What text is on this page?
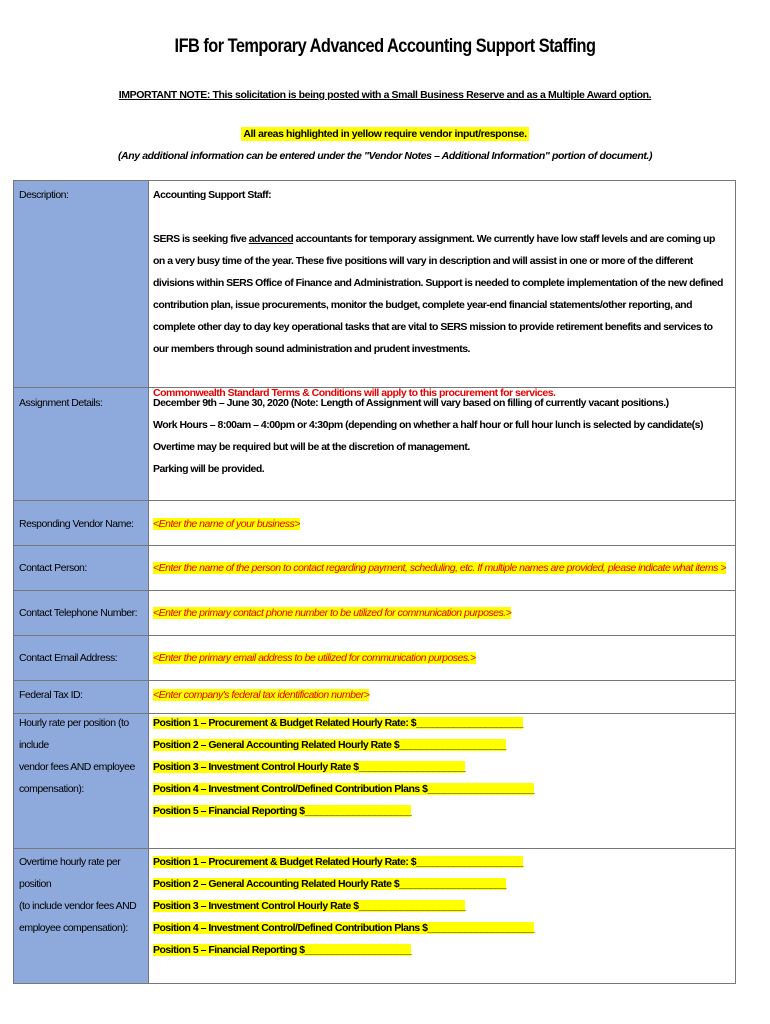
IFB for Temporary Advanced Accounting Support Staffing
IMPORTANT NOTE: This solicitation is being posted with a Small Business Reserve and as a Multiple Award option.
All areas highlighted in yellow require vendor input/response.
(Any additional information can be entered under the "Vendor Notes – Additional Information" portion of document.)
Description:	Accounting Support Staff:

SERS is seeking five advanced accountants for temporary assignment. We currently have low staff levels and are coming up on a very busy time of the year. These five positions will vary in description and will assist in one or more of the different divisions within SERS Office of Finance and Administration. Support is needed to complete implementation of the new defined contribution plan, issue procurements, monitor the budget, complete year-end financial statements/other reporting, and complete other day to day key operational tasks that are vital to SERS mission to provide retirement benefits and services to our members through sound administration and prudent investments.

Commonwealth Standard Terms & Conditions will apply to this procurement for services.

Assignment Details:	December 9th – June 30, 2020 (Note: Length of Assignment will vary based on filling of currently vacant positions.)

Work Hours – 8:00am – 4:00pm or 4:30pm (depending on whether a half hour or full hour lunch is selected by candidate(s)

Overtime may be required but will be at the discretion of management.

Parking will be provided.

Responding Vendor Name:	<Enter the name of your business>
Contact Person:	<Enter the name of the person to contact regarding payment, scheduling, etc. If multiple names are provided, please indicate what items >
Contact Telephone Number:	<Enter the primary contact phone number to be utilized for communication purposes.>
Contact Email Address:	<Enter the primary email address to be utilized for communication purposes.>
Federal Tax ID:	<Enter company's federal tax identification number>
Hourly rate per position (to include
vendor fees AND employee
compensation):

Position 1 – Procurement & Budget Related Hourly Rate: $____________________

Position 2 – General Accounting Related Hourly Rate $____________________

Position 3 – Investment Control Hourly Rate $____________________

Position 4 – Investment Control/Defined Contribution Plans $____________________

Position 5 – Financial Reporting $____________________

Overtime hourly rate per position
(to include vendor fees AND
employee compensation):

Position 1 – Procurement & Budget Related Hourly Rate: $____________________

Position 2 – General Accounting Related Hourly Rate $____________________

Position 3 – Investment Control Hourly Rate $____________________

Position 4 – Investment Control/Defined Contribution Plans $____________________

Position 5 – Financial Reporting $____________________
